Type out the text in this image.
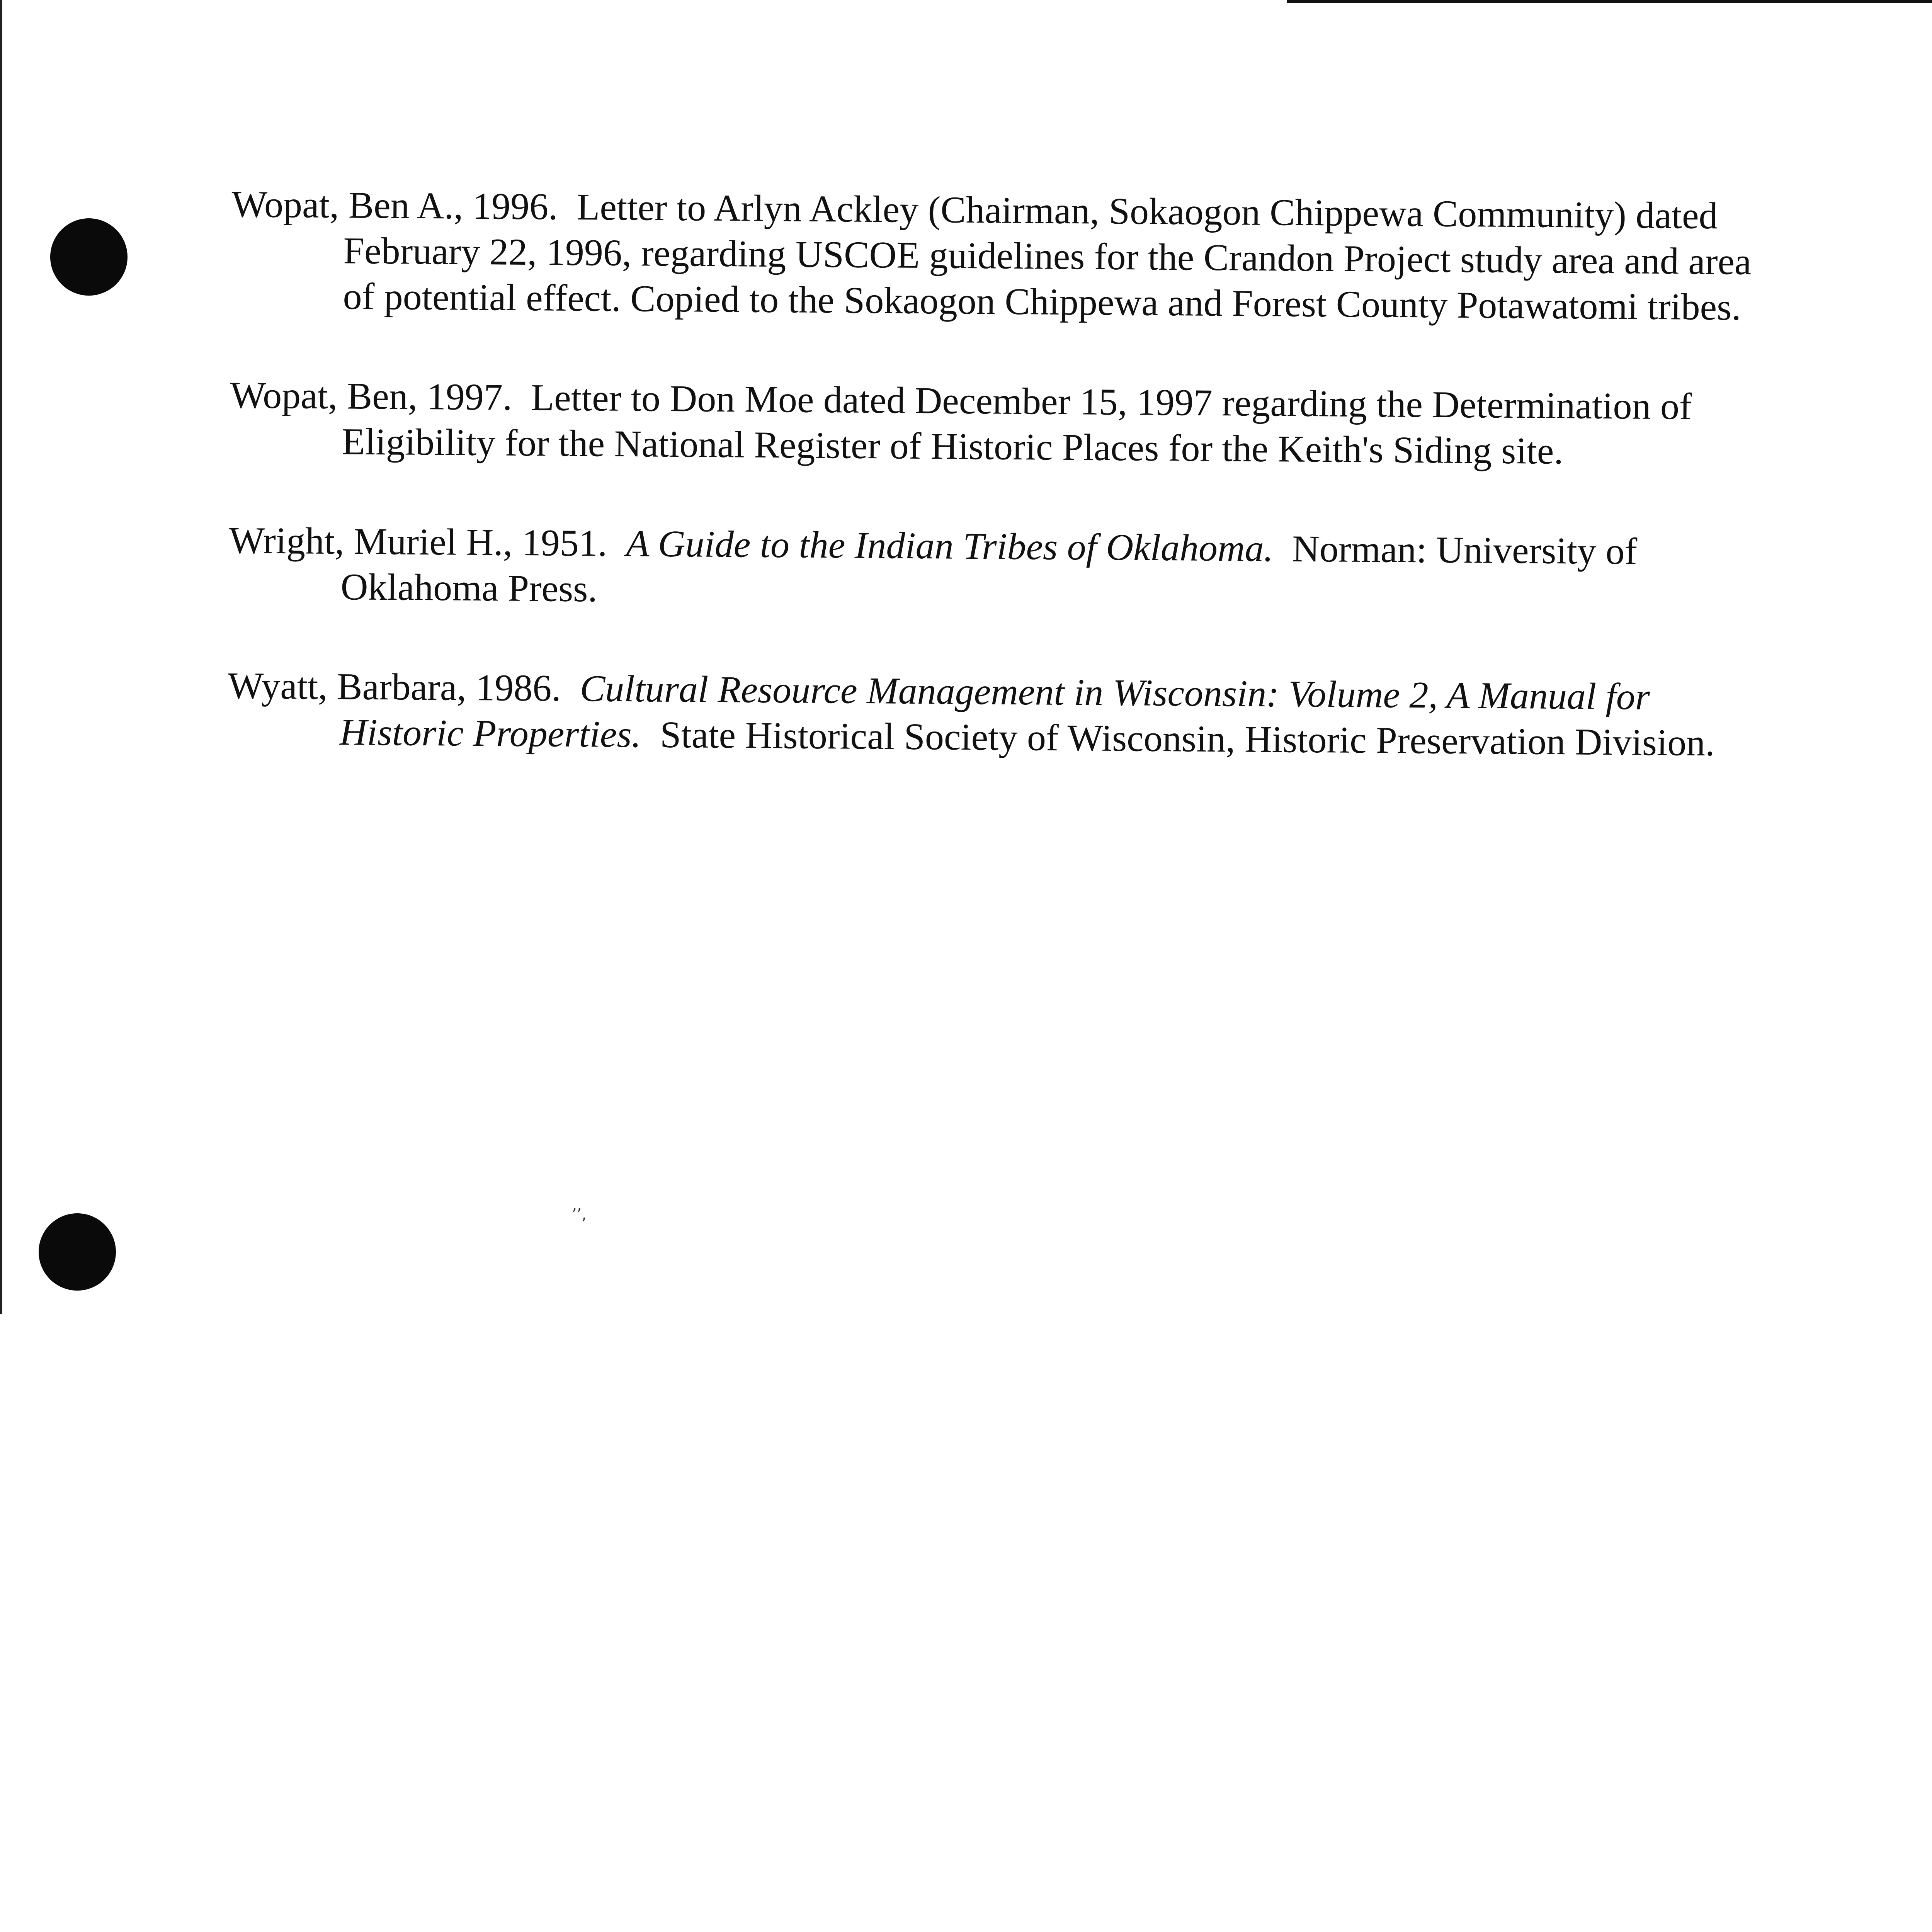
Wopat, Ben A., 1996. Letter to Arlyn Ackley (Chairman, Sokaogon Chippewa Community) dated February 22, 1996, regarding USCOE guidelines for the Crandon Project study area and area of potential effect. Copied to the Sokaogon Chippewa and Forest County Potawatomi tribes.

Wopat, Ben, 1997. Letter to Don Moe dated December 15, 1997 regarding the Determination of Eligibility for the National Register of Historic Places for the Keith's Siding site.

Wright, Muriel H., 1951. A Guide to the Indian Tribes of Oklahoma. Norman: University of Oklahoma Press.

Wyatt, Barbara, 1986. Cultural Resource Management in Wisconsin: Volume 2, A Manual for Historic Properties. State Historical Society of Wisconsin, Historic Preservation Division.

ʼʼ,
